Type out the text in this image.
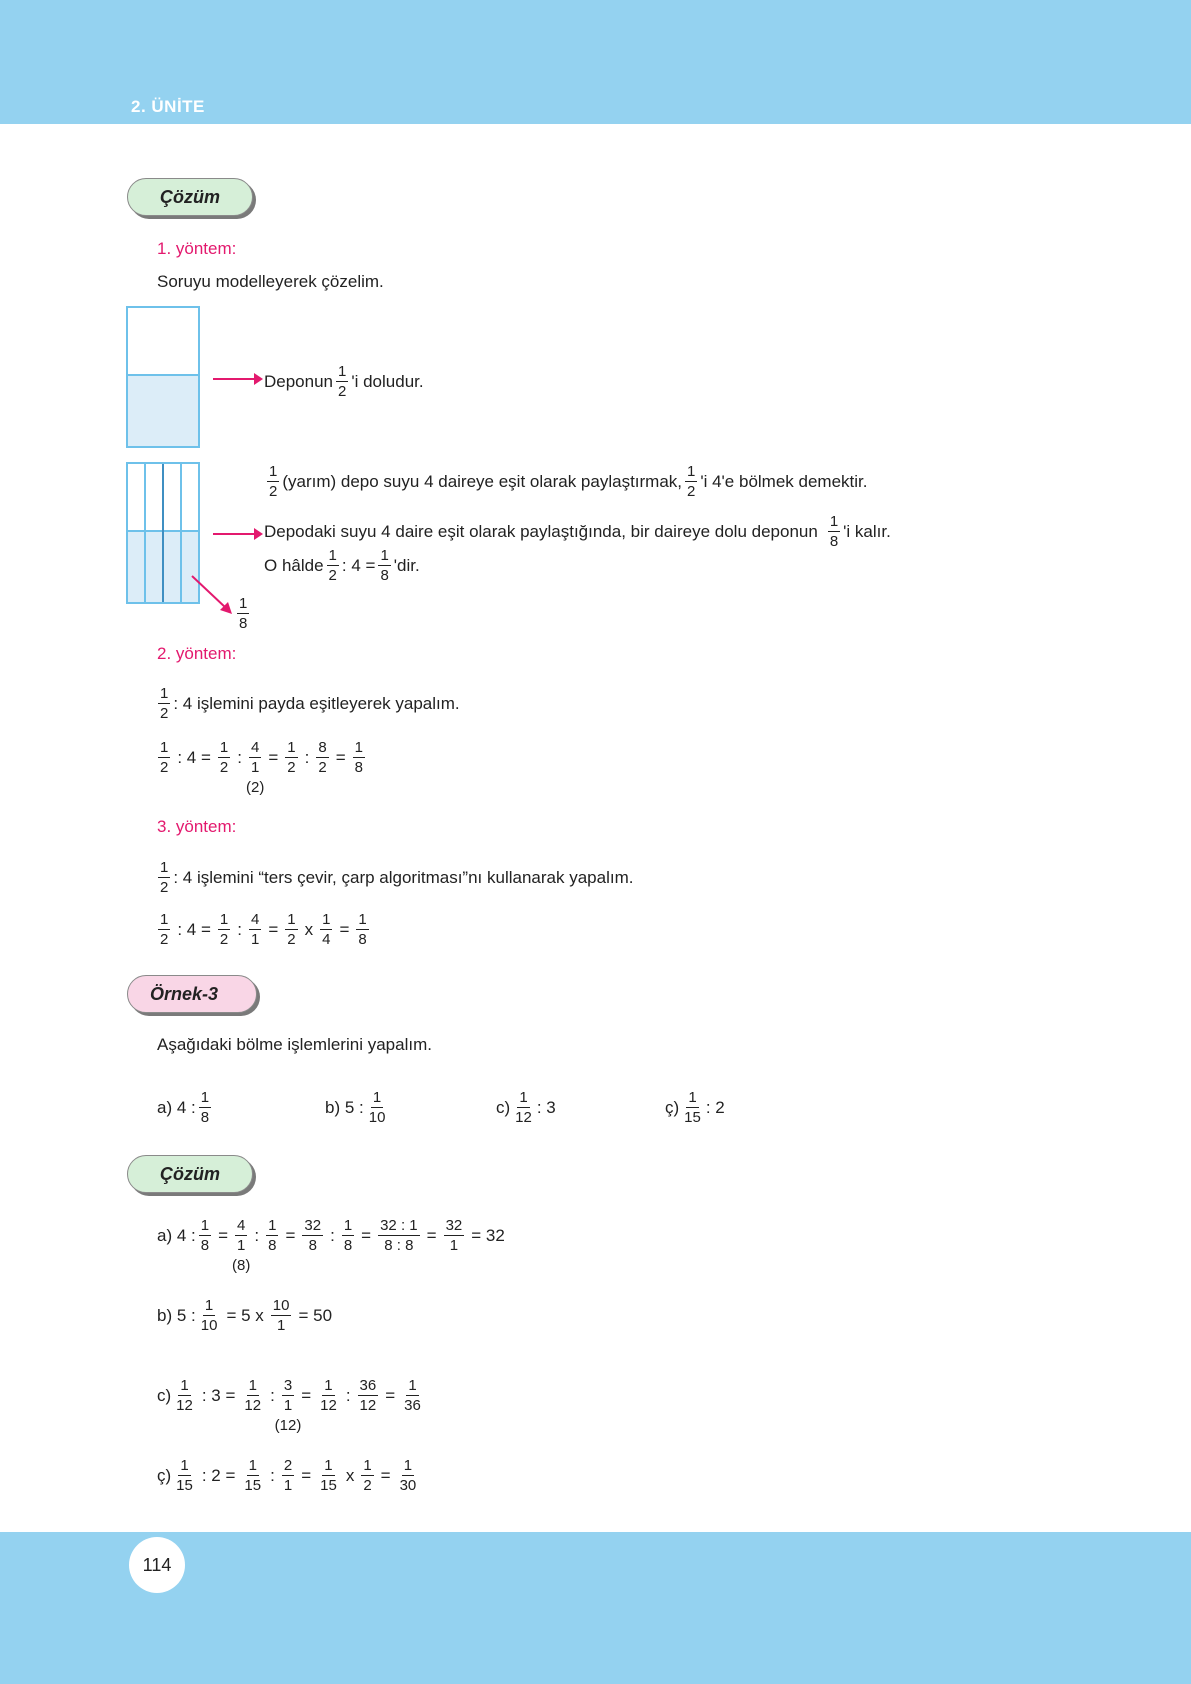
2. ÜNİTE
114
Çözüm
1. yöntem:
Soruyu modelleyerek çözelim.
Deponun $\frac{1}{2}$ 'i doludur.
$\frac{1}{8}$
$\frac{1}{2}$ (yarım) depo suyu 4 daireye eşit olarak paylaştırmak, $\frac{1}{2}$ 'i 4'e bölmek demektir.
Depodaki suyu 4 daire eşit olarak paylaştığında, bir daireye dolu deponun $\frac{1}{8}$ 'i kalır.
O hâlde $\frac{1}{2}$ : $4 = \frac{1}{8}$ 'dir.
2. yöntem:
$\frac{1}{2}$ : 4 işlemini payda eşitleyerek yapalım.
$\frac{1}{2}$ : $4 = \frac{1}{2}$ : 4
1
(2)
= $\frac{1}{2}$ : $\frac{8}{2} = \frac{1}{8}$
3. yöntem:
$\frac{1}{2}$ : 4 işlemini “ters çevir, çarp algoritması”nı kullanarak yapalım.
$\frac{1}{2}$ : $4 = \frac{1}{2}$ : $\frac{4}{1} = \frac{1}{2}$ x $\frac{1}{4} = \frac{1}{8}$
Örnek-3
Aşağıdaki bölme işlemlerini yapalım.
a) 4 : $\frac{1}{8}$	b) 5 : $\frac{1}{10}$	$c) \frac{1}{12}$ : 3	ç) $\frac{1}{15}$ : 2
Çözüm
a) 4 : $\frac{1}{8} = 4$
1
(8)
: $\frac{1}{8} = \frac{32}{8}$ : $\frac{1}{8} = \frac{32 : 1}{8 : 8} = \frac{32}{1} = 32$
b) 5 : $\frac{1}{10} = 5$ x $\frac{10}{1} = 50$
$c) \frac{1}{12}$ : $3 = \frac{1}{12}$ : 3
1
(12)
= $\frac{1}{12}$ : $\frac{36}{12} = \frac{1}{36}$
ç) $\frac{1}{15}$ : $2 = \frac{1}{15}$ : $\frac{2}{1} = \frac{1}{15}$ x $\frac{1}{2} = \frac{1}{30}$
